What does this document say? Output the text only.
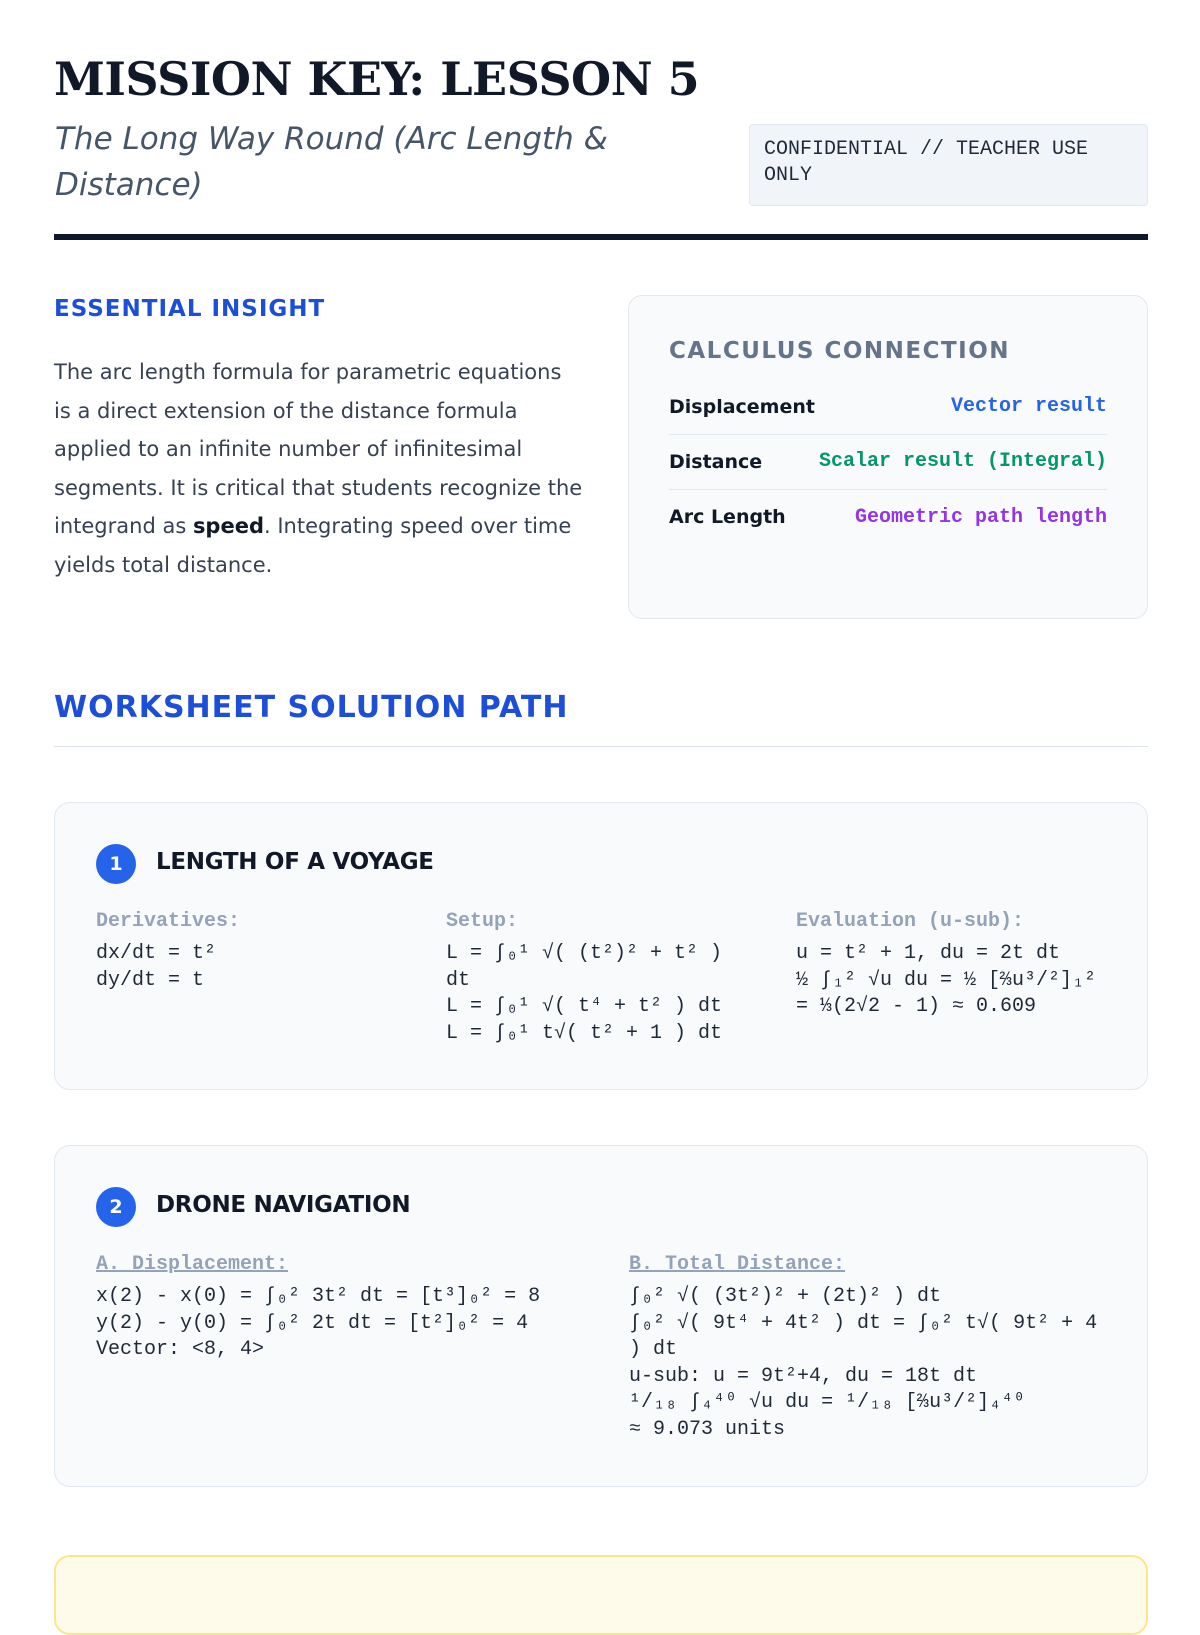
MISSION KEY: LESSON 5

The Long Way Round (Arc Length & Distance)

CONFIDENTIAL // TEACHER USE ONLY
ESSENTIAL INSIGHT

The arc length formula for parametric equations is a direct extension of the distance formula applied to an infinite number of infinitesimal segments. It is critical that students recognize the integrand as speed. Integrating speed over time yields total distance.

CALCULUS CONNECTION
Displacement	Vector result
Distance	Scalar result (Integral)
Arc Length	Geometric path length
WORKSHEET SOLUTION PATH
1	LENGTH OF A VOYAGE

Derivatives:

dx/dt = t²

dy/dt = t

Setup:

L = ∫₀¹ √( (t²)² + t² ) dt

L = ∫₀¹ √( t⁴ + t² ) dt

L = ∫₀¹ t√( t² + 1 ) dt

Evaluation (u-sub):

u = t² + 1, du = 2t dt

½ ∫₁² √u du = ½ [⅔u³/²]₁²

= ⅓(2√2 - 1) ≈ 0.609

2	DRONE NAVIGATION

A. Displacement:

x(2) - x(0) = ∫₀² 3t² dt = [t³]₀² = 8

y(2) - y(0) = ∫₀² 2t dt = [t²]₀² = 4

Vector: <8, 4>

B. Total Distance:

∫₀² √( (3t²)² + (2t)² ) dt

∫₀² √( 9t⁴ + 4t² ) dt = ∫₀² t√( 9t² + 4 ) dt

u-sub: u = 9t²+4, du = 18t dt

¹/₁₈ ∫₄⁴⁰ √u du = ¹/₁₈ [⅔u³/²]₄⁴⁰

≈ 9.073 units
